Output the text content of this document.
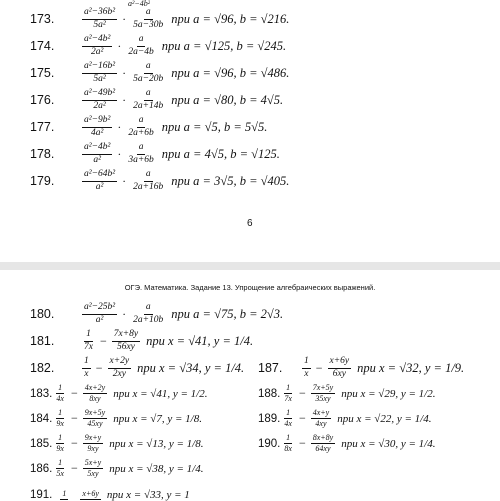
a²−4b²
173.	$\frac{\text{a²−36b²}}{\text{5a²}} \cdot \frac{a}{5a-30b}$ при a = √96, b = √216.
174.	$\frac{\text{a²−4b²}}{\text{2a²}} \cdot \frac{a}{2a-4b}$ при a = √125, b = √245.
175.	$\frac{\text{a²−16b²}}{\text{5a²}} \cdot \frac{a}{5a-20b}$ при a = √96, b = √486.
176.	$\frac{\text{a²−49b²}}{\text{2a²}} \cdot \frac{a}{2a+14b}$ при a = √80, b = 4√5.
177.	$\frac{\text{a²−9b²}}{\text{4a²}} \cdot \frac{a}{2a+6b}$ при a = √5, b = 5√5.
178.	$\frac{\text{a²−4b²}}{\text{a²}} \cdot \frac{a}{3a+6b}$ при a = 4√5, b = √125.
179.	$\frac{\text{a²−64b²}}{\text{a²}} \cdot \frac{a}{2a+16b}$ при a = 3√5, b = √405.
6
ОГЭ. Математика. Задание 13. Упрощение алгебраических выражений.
180.	$\frac{\text{a²−25b²}}{\text{a²}} \cdot \frac{a}{2a+10b}$ при a = √75, b = 2√3.
181.	$\frac{1}{7x} - \frac{7x+8y}{56xy}$ при x = √41, y = 1/4.
182.	$\frac{1}{x} - \frac{x+2y}{2xy}$ при x = √34, y = 1/4. 187.	$\frac{1}{x} - \frac{x+6y}{6xy}$ при x = √32, y = 1/9.
183. $\frac{1}{4x} - \frac{4x+2y}{8xy}$ при x = √41, y = 1/2.	188. $\frac{1}{7x} - \frac{7x+5y}{35xy}$ при x = √29, y = 1/2.
184. $\frac{1}{9x} - \frac{9x+5y}{45xy}$ при x = √7, y = 1/8.	189. $\frac{1}{4x} - \frac{4x+y}{4xy}$ при x = √22, y = 1/4.
185. $\frac{1}{9x} - \frac{9x+y}{9xy}$ при x = √13, y = 1/8.	190. $\frac{1}{8x} - \frac{8x+8y}{64xy}$ при x = √30, y = 1/4.
186. $\frac{1}{5x} - \frac{5x+y}{5xy}$ при x = √38, y = 1/4.
191. 1 x+6y при x = √33, y = 1
